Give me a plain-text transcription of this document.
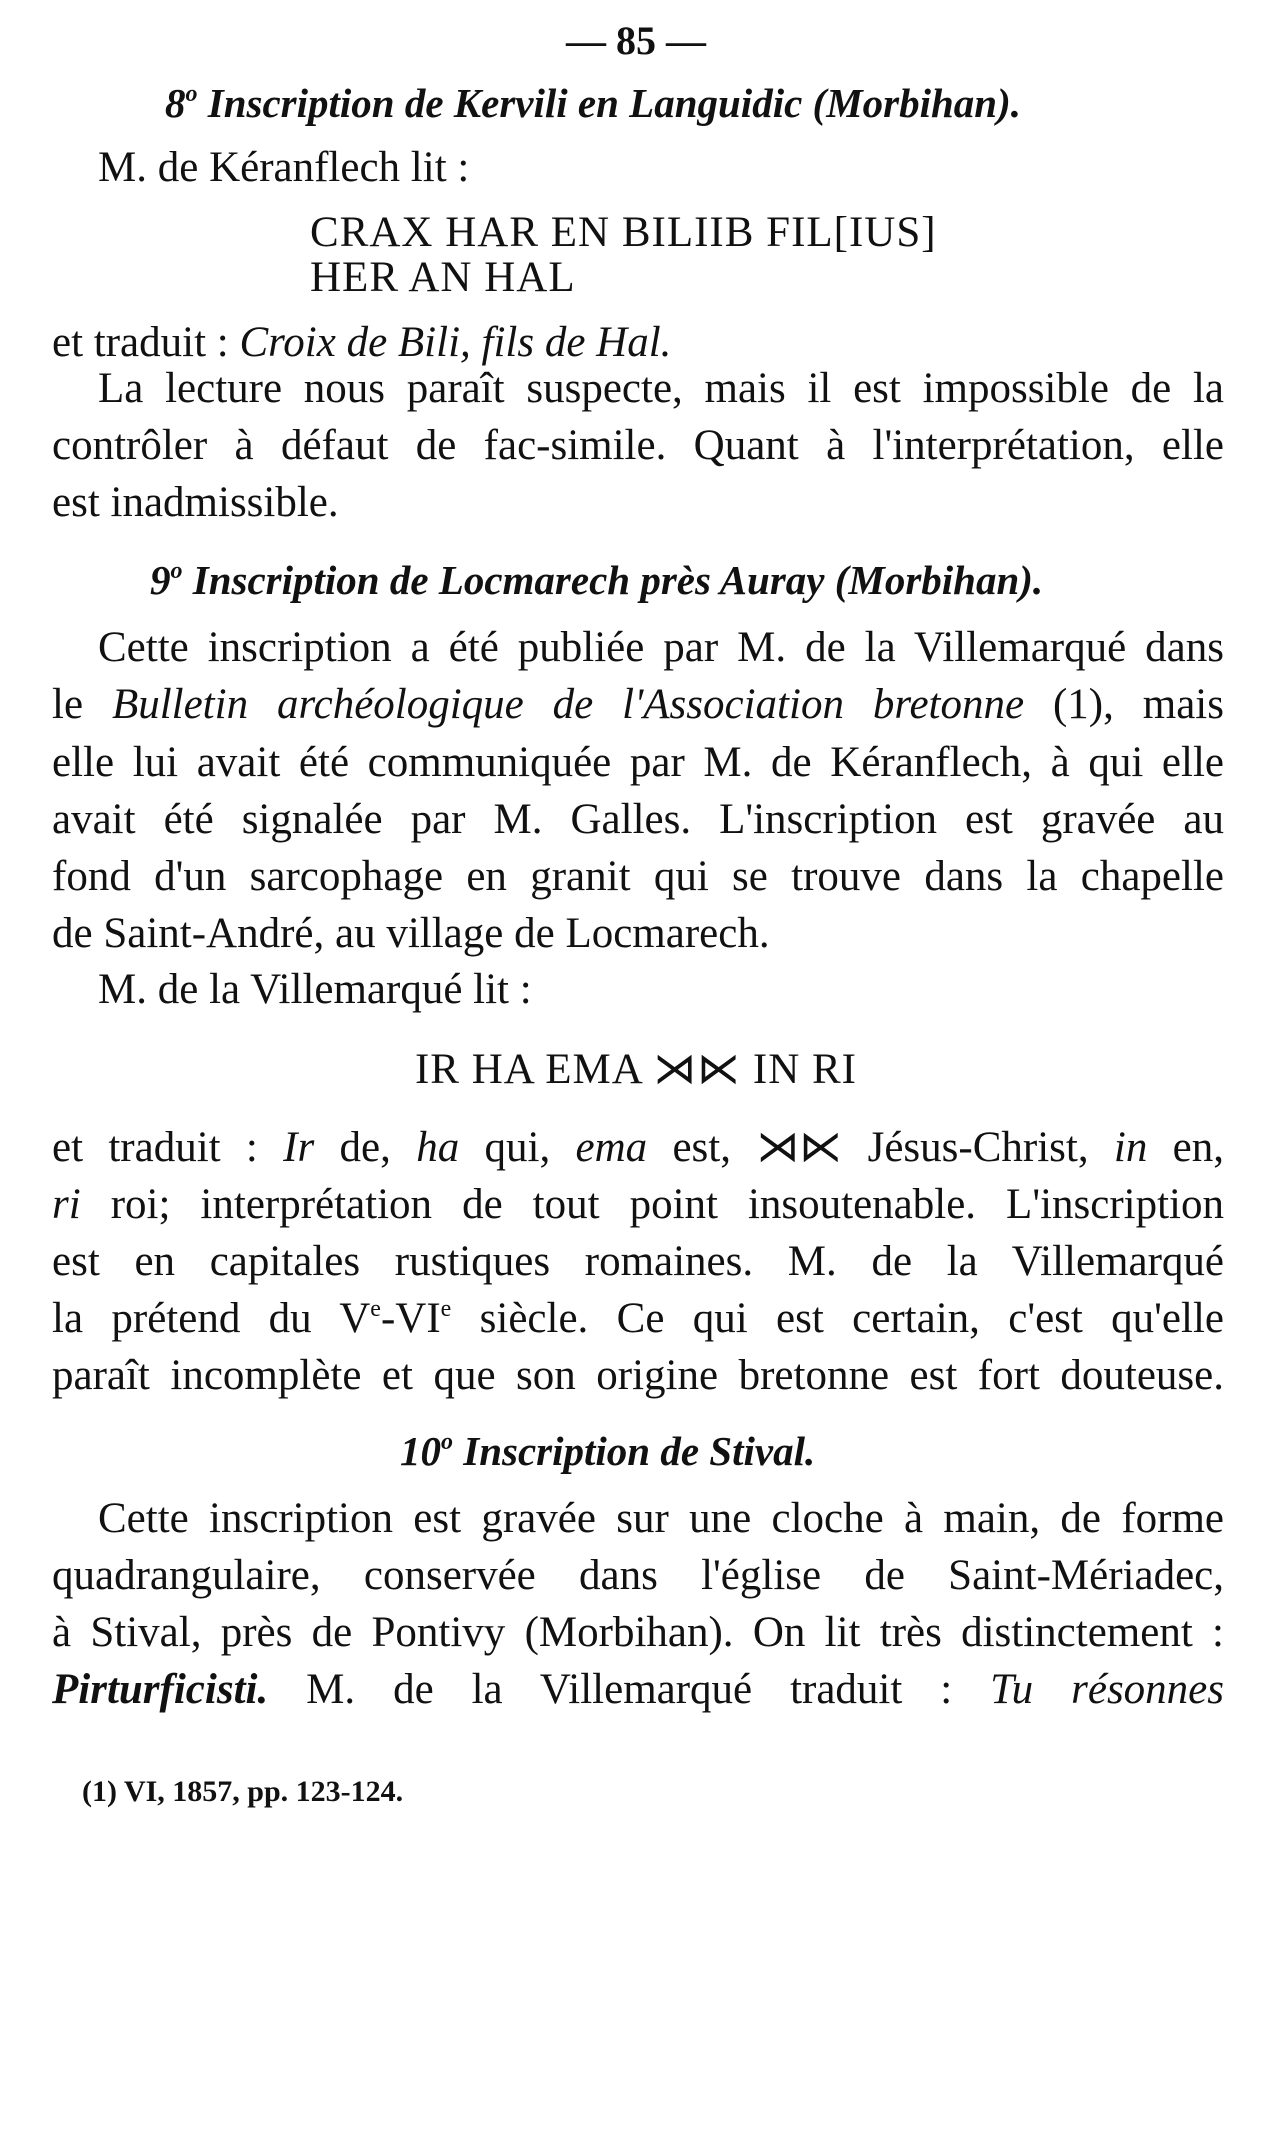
— 85 —
8$^o$ Inscription de Kervili en Languidic (Morbihan).
M. de Kéranflech lit :
CRAX HAR EN BILIIB FIL[IUS]
HER AN HAL
et traduit : Croix de Bili, fils de Hal.
La lecture nous paraît suspecte, mais il est impossible de la
contrôler à défaut de fac-simile. Quant à l'interprétation, elle
est inadmissible.
9$^o$ Inscription de Locmarech près Auray (Morbihan).
Cette inscription a été publiée par M. de la Villemarqué dans
le Bulletin archéologique de l'Association bretonne (1), mais
elle lui avait été communiquée par M. de Kéranflech, à qui elle
avait été signalée par M. Galles. L'inscription est gravée au
fond d'un sarcophage en granit qui se trouve dans la chapelle
de Saint-André, au village de Locmarech.
M. de la Villemarqué lit :
IR HA EMA ⋊⋉ IN RI
et traduit : Ir de, ha qui, ema est, ⋊⋉ Jésus-Christ, in en,
ri roi; interprétation de tout point insoutenable. L'inscription
est en capitales rustiques romaines. M. de la Villemarqué
la prétend du Ve-VIe siècle. Ce qui est certain, c'est qu'elle
paraît incomplète et que son origine bretonne est fort douteuse.
10$^o$ Inscription de Stival.
Cette inscription est gravée sur une cloche à main, de forme
quadrangulaire, conservée dans l'église de Saint-Mériadec,
à Stival, près de Pontivy (Morbihan). On lit très distinctement :
Pirturficisti. M. de la Villemarqué traduit : Tu résonnes
(1) VI, 1857, pp. 123-124.
